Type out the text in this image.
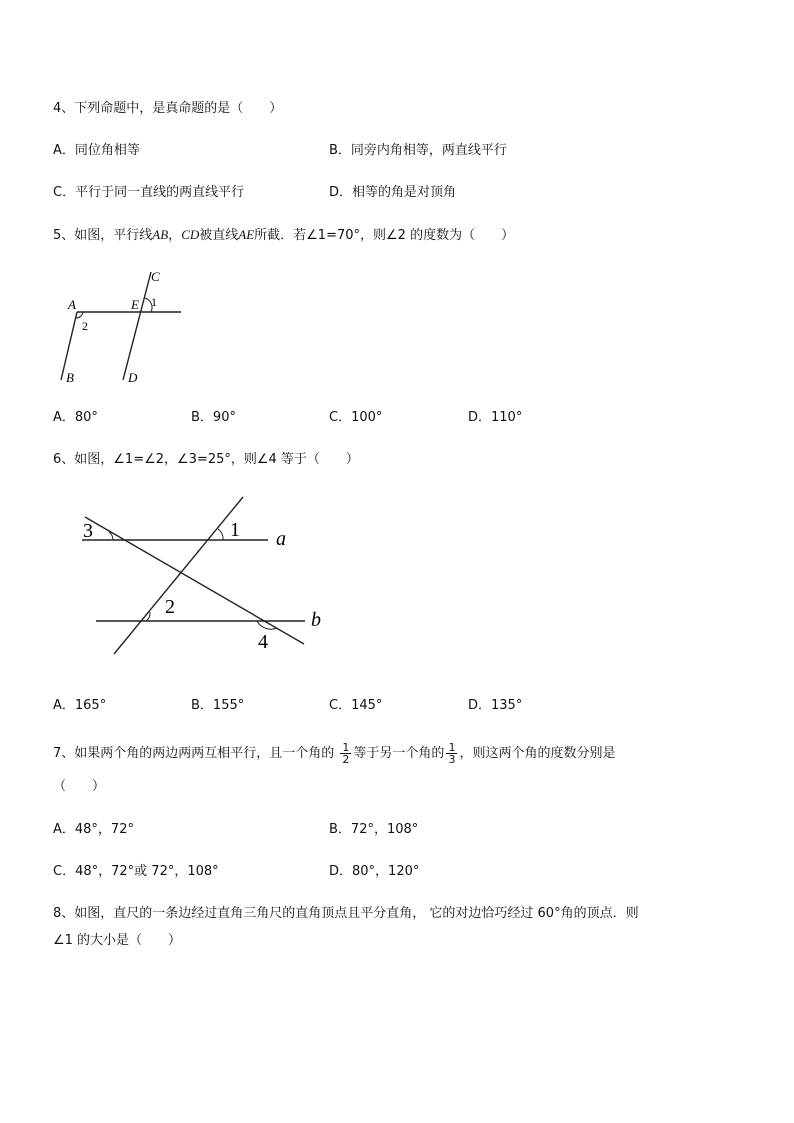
4、下列命题中，是真命题的是（　　）
A．同位角相等	B．同旁内角相等，两直线平行
C．平行于同一直线的两直线平行	D．相等的角是对顶角
5、如图，平行线AB，CD被直线AE所截．若∠1=70°，则∠2 的度数为（　　）
A	E
C
1
2
B	D
A．80°	B．90°	C．100°	D．110°
6、如图，∠1=∠2，∠3=25°，则∠4 等于（　　）
3	1 a
2
b
4
A．165°	B．155°	C．145°	D．135°
7、如果两个角的两边两两互相平行，且一个角的 $\frac{1}{2}$ 等于另一个角的 $\frac{1}{3}$ ，则这两个角的度数分别是
（　　）
A．48°，72°	B．72°，108°
C．48°，72°或 72°，108°	D．80°，120°
8、如图，直尺的一条边经过直角三角尺的直角顶点且平分直角， 它的对边恰巧经过 60°角的顶点．则
∠1 的大小是（　　）
